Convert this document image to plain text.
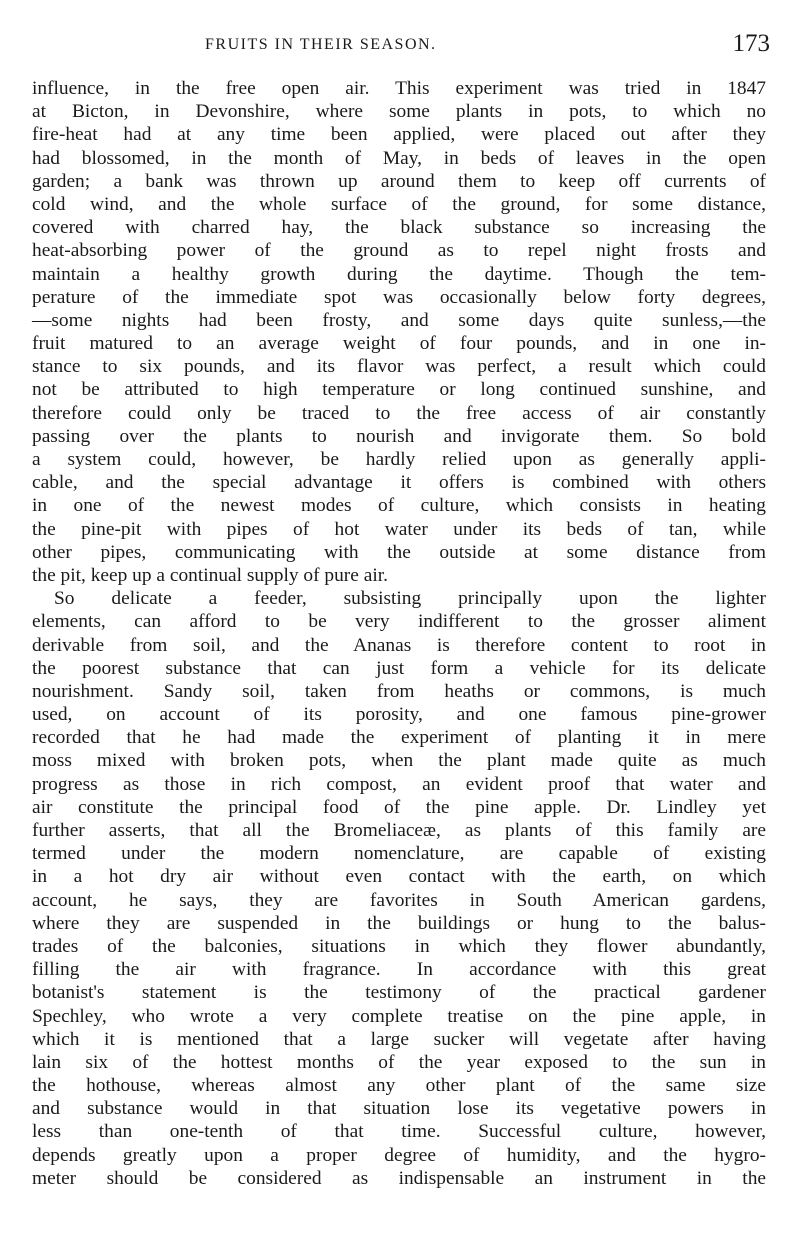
FRUITS IN THEIR SEASON.	173
influence, in the free open air. This experiment was tried in 1847
at Bicton, in Devonshire, where some plants in pots, to which no
fire-heat had at any time been applied, were placed out after they
had blossomed, in the month of May, in beds of leaves in the open
garden; a bank was thrown up around them to keep off currents of
cold wind, and the whole surface of the ground, for some distance,
covered with charred hay, the black substance so increasing the
heat-absorbing power of the ground as to repel night frosts and
maintain a healthy growth during the daytime. Though the tem-
perature of the immediate spot was occasionally below forty degrees,
—some nights had been frosty, and some days quite sunless,—the
fruit matured to an average weight of four pounds, and in one in-
stance to six pounds, and its flavor was perfect, a result which could
not be attributed to high temperature or long continued sunshine, and
therefore could only be traced to the free access of air constantly
passing over the plants to nourish and invigorate them. So bold
a system could, however, be hardly relied upon as generally appli-
cable, and the special advantage it offers is combined with others
in one of the newest modes of culture, which consists in heating
the pine-pit with pipes of hot water under its beds of tan, while
other pipes, communicating with the outside at some distance from
the pit, keep up a continual supply of pure air.
So delicate a feeder, subsisting principally upon the lighter
elements, can afford to be very indifferent to the grosser aliment
derivable from soil, and the Ananas is therefore content to root in
the poorest substance that can just form a vehicle for its delicate
nourishment. Sandy soil, taken from heaths or commons, is much
used, on account of its porosity, and one famous pine-grower
recorded that he had made the experiment of planting it in mere
moss mixed with broken pots, when the plant made quite as much
progress as those in rich compost, an evident proof that water and
air constitute the principal food of the pine apple. Dr. Lindley yet
further asserts, that all the Bromeliaceæ, as plants of this family are
termed under the modern nomenclature, are capable of existing
in a hot dry air without even contact with the earth, on which
account, he says, they are favorites in South American gardens,
where they are suspended in the buildings or hung to the balus-
trades of the balconies, situations in which they flower abundantly,
filling the air with fragrance. In accordance with this great
botanist's statement is the testimony of the practical gardener
Spechley, who wrote a very complete treatise on the pine apple, in
which it is mentioned that a large sucker will vegetate after having
lain six of the hottest months of the year exposed to the sun in
the hothouse, whereas almost any other plant of the same size
and substance would in that situation lose its vegetative powers in
less than one-tenth of that time. Successful culture, however,
depends greatly upon a proper degree of humidity, and the hygro-
meter should be considered as indispensable an instrument in the
